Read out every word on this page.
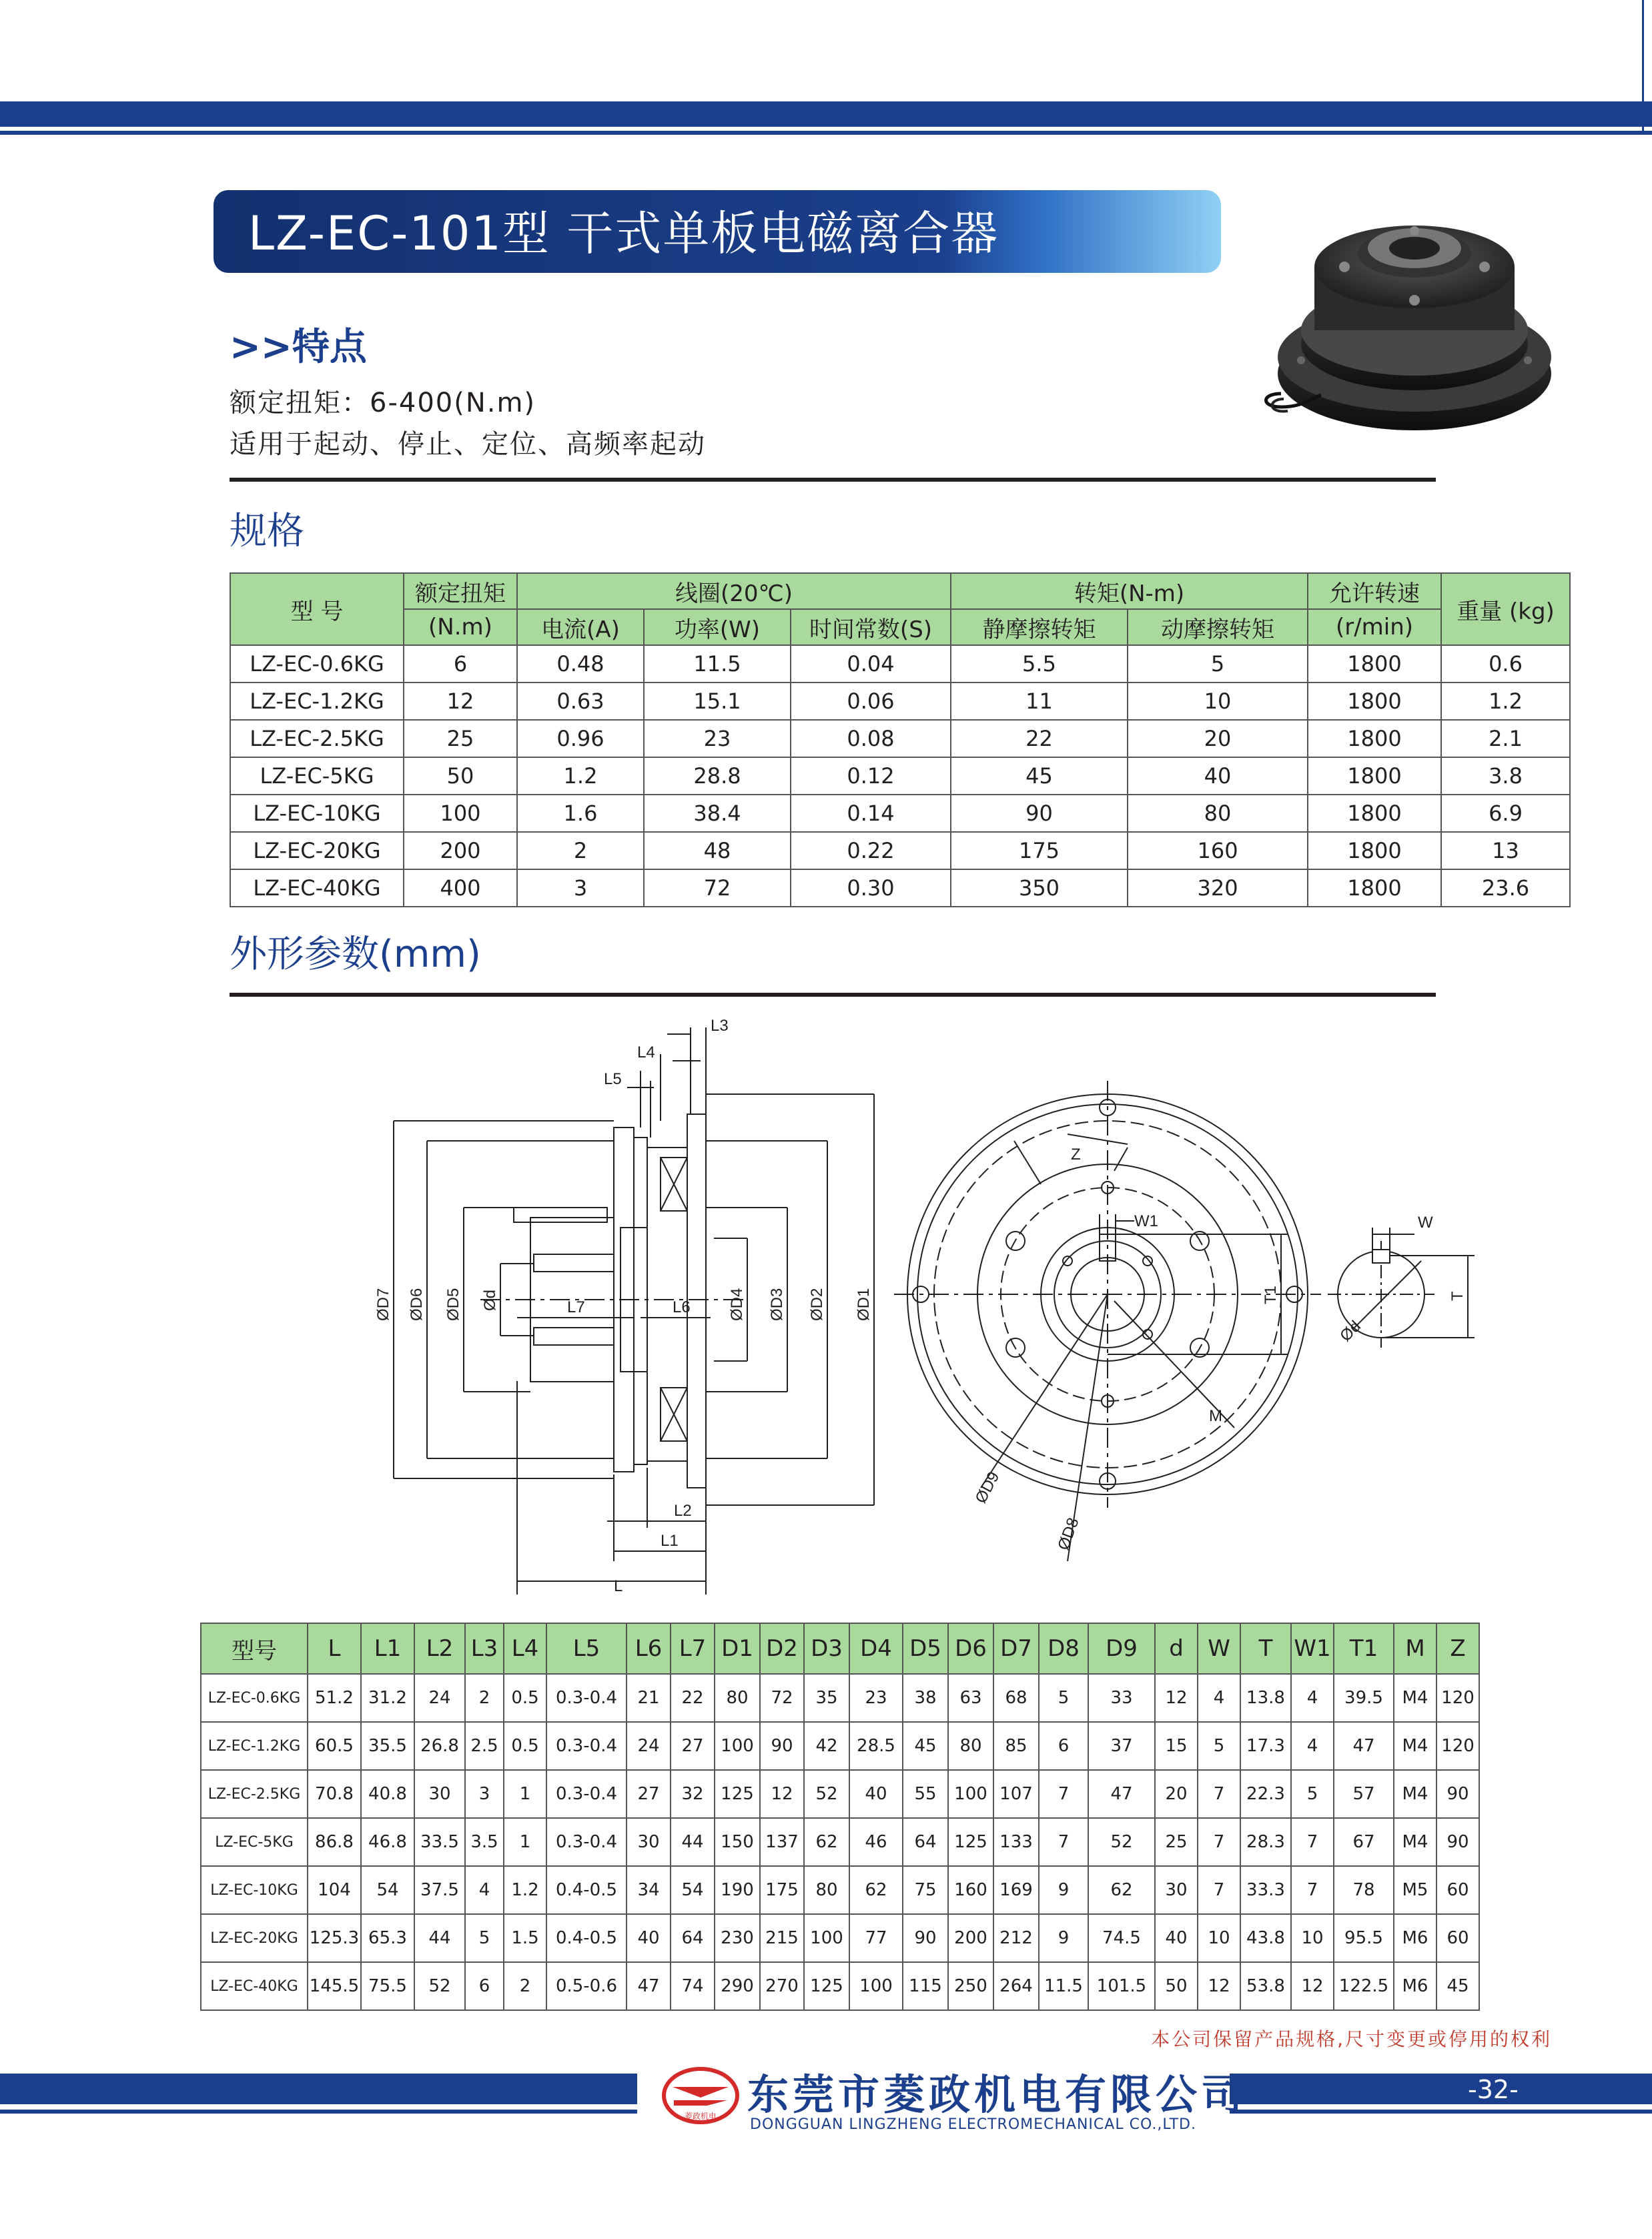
LZ-EC-101型 干式单板电磁离合器
>>特点
额定扭矩：6-400(N.m)
适用于起动、停止、定位、高频率起动
规格
型 号	额定扭矩	线圈(20℃)			转矩(N-m)		允许转速	重量 (kg)
	(N.m)	电流(A)	功率(W)	时间常数(S)	静摩擦转矩	动摩擦转矩	(r/min)	
LZ-EC-0.6KG	6	0.48	11.5	0.04	5.5	5	1800	0.6
LZ-EC-1.2KG	12	0.63	15.1	0.06	11	10	1800	1.2
LZ-EC-2.5KG	25	0.96	23	0.08	22	20	1800	2.1
LZ-EC-5KG	50	1.2	28.8	0.12	45	40	1800	3.8
LZ-EC-10KG	100	1.6	38.4	0.14	90	80	1800	6.9
LZ-EC-20KG	200	2	48	0.22	175	160	1800	13
LZ-EC-40KG	400	3	72	0.30	350	320	1800	23.6
外形参数(mm)
ØD7 ØD6 ØD5 Ød	ØD4 ØD3 ØD2 ØD1
L7	L6
L2
L1
L
L3
L4
L5
Z
W1
T1
M
ØD9
ØD8
W
T
Ød
型号	L	L1	L2	L3	L4	L5	L6	L7	D1	D2	D3	D4	D5	D6	D7	D8	D9	d	W	T	W1	T1	M	Z
LZ-EC-0.6KG	51.2	31.2	24	2	0.5	0.3-0.4	21	22	80	72	35	23	38	63	68	5	33	12	4	13.8	4	39.5	M4	120
LZ-EC-1.2KG	60.5	35.5	26.8	2.5	0.5	0.3-0.4	24	27	100	90	42	28.5	45	80	85	6	37	15	5	17.3	4	47	M4	120
LZ-EC-2.5KG	70.8	40.8	30	3	1	0.3-0.4	27	32	125	12	52	40	55	100	107	7	47	20	7	22.3	5	57	M4	90
LZ-EC-5KG	86.8	46.8	33.5	3.5	1	0.3-0.4	30	44	150	137	62	46	64	125	133	7	52	25	7	28.3	7	67	M4	90
LZ-EC-10KG	104	54	37.5	4	1.2	0.4-0.5	34	54	190	175	80	62	75	160	169	9	62	30	7	33.3	7	78	M5	60
LZ-EC-20KG	125.3	65.3	44	5	1.5	0.4-0.5	40	64	230	215	100	77	90	200	212	9	74.5	40	10	43.8	10	95.5	M6	60
LZ-EC-40KG	145.5	75.5	52	6	2	0.5-0.6	47	74	290	270	125	100	115	250	264	11.5	101.5	50	12	53.8	12	122.5	M6	45
本公司保留产品规格,尺寸变更或停用的权利
-32-
菱政机电 东莞市菱政机电有限公司
DONGGUAN LINGZHENG ELECTROMECHANICAL CO.,LTD.
